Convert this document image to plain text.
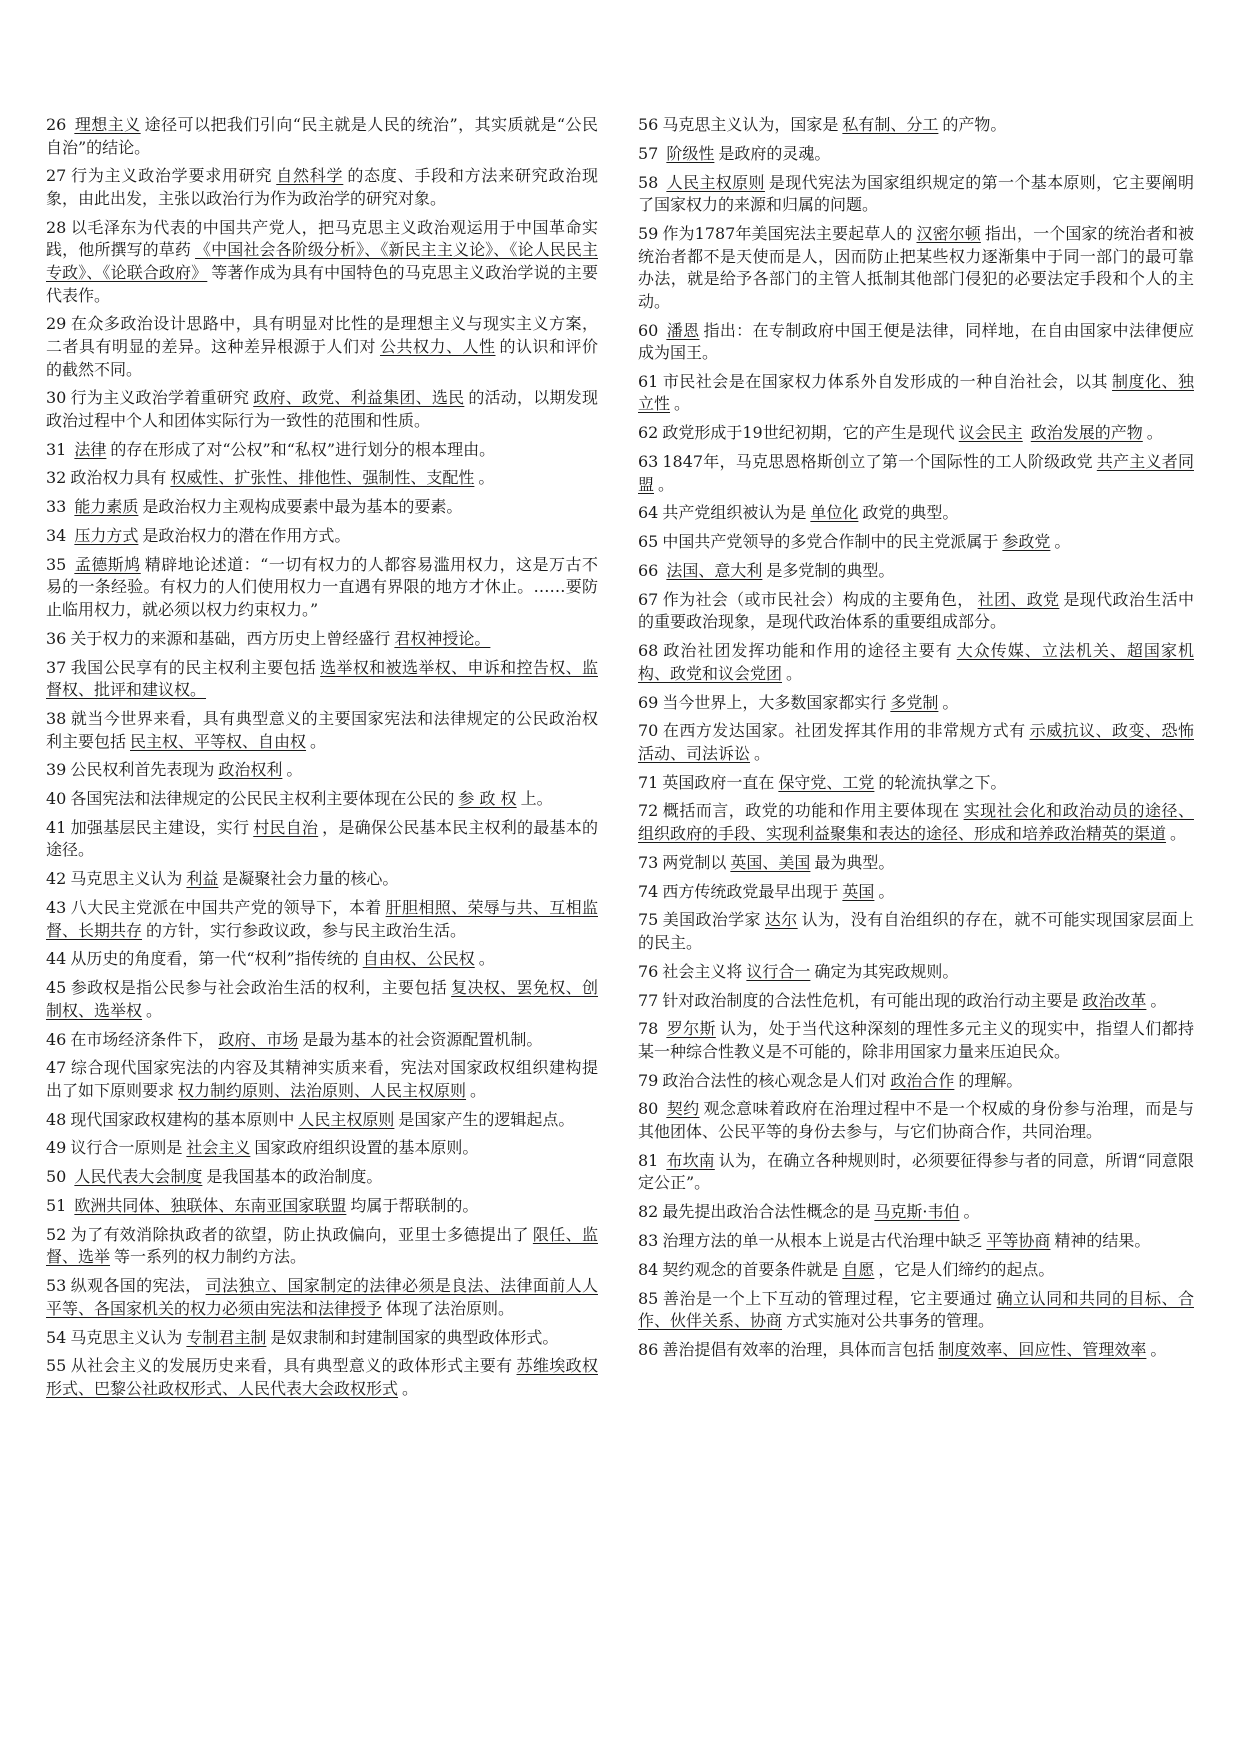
26 理想主义 途径可以把我们引向“民主就是人民的统治”，其实质就是“公民自治”的结论。

27 行为主义政治学要求用研究 自然科学 的态度、手段和方法来研究政治现象，由此出发，主张以政治行为作为政治学的研究对象。

28 以毛泽东为代表的中国共产党人，把马克思主义政治观运用于中国革命实践，他所撰写的草药 《中国社会各阶级分析》、《新民主主义论》、《论人民民主专政》、《论联合政府》 等著作成为具有中国特色的马克思主义政治学说的主要代表作。

29 在众多政治设计思路中，具有明显对比性的是理想主义与现实主义方案，二者具有明显的差异。这种差异根源于人们对 公共权力、人性 的认识和评价的截然不同。

30 行为主义政治学着重研究 政府、政党、利益集团、选民 的活动，以期发现政治过程中个人和团体实际行为一致性的范围和性质。

31 法律 的存在形成了对“公权”和“私权”进行划分的根本理由。

32 政治权力具有 权威性、扩张性、排他性、强制性、支配性 。

33 能力素质 是政治权力主观构成要素中最为基本的要素。

34 压力方式 是政治权力的潜在作用方式。

35 孟德斯鸠 精辟地论述道：“一切有权力的人都容易滥用权力，这是万古不易的一条经验。有权力的人们使用权力一直遇有界限的地方才休止。……要防止临用权力，就必须以权力约束权力。”

36 关于权力的来源和基础，西方历史上曾经盛行 君权神授论。

37 我国公民享有的民主权利主要包括 选举权和被选举权、申诉和控告权、监督权、批评和建议权。

38 就当今世界来看，具有典型意义的主要国家宪法和法律规定的公民政治权利主要包括 民主权、平等权、自由权 。

39 公民权利首先表现为 政治权利 。

40 各国宪法和法律规定的公民民主权利主要体现在公民的 参 政 权 上。

41 加强基层民主建设，实行 村民自治 ，是确保公民基本民主权利的最基本的途径。

42 马克思主义认为 利益 是凝聚社会力量的核心。

43 八大民主党派在中国共产党的领导下，本着 肝胆相照、荣辱与共、互相监督、长期共存 的方针，实行参政议政，参与民主政治生活。

44 从历史的角度看，第一代“权利”指传统的 自由权、公民权 。

45 参政权是指公民参与社会政治生活的权利，主要包括 复决权、罢免权、创制权、选举权 。

46 在市场经济条件下， 政府、市场 是最为基本的社会资源配置机制。

47 综合现代国家宪法的内容及其精神实质来看，宪法对国家政权组织建构提出了如下原则要求 权力制约原则、法治原则、人民主权原则 。

48 现代国家政权建构的基本原则中 人民主权原则 是国家产生的逻辑起点。

49 议行合一原则是 社会主义 国家政府组织设置的基本原则。

50 人民代表大会制度 是我国基本的政治制度。

51 欧洲共同体、独联体、东南亚国家联盟 均属于帮联制的。

52 为了有效消除执政者的欲望，防止执政偏向，亚里士多德提出了 限任、监督、选举 等一系列的权力制约方法。

53 纵观各国的宪法， 司法独立、国家制定的法律必须是良法、法律面前人人平等、各国家机关的权力必须由宪法和法律授予 体现了法治原则。

54 马克思主义认为 专制君主制 是奴隶制和封建制国家的典型政体形式。

55 从社会主义的发展历史来看，具有典型意义的政体形式主要有 苏维埃政权形式、巴黎公社政权形式、人民代表大会政权形式 。

56 马克思主义认为，国家是 私有制、分工 的产物。

57 阶级性 是政府的灵魂。

58 人民主权原则 是现代宪法为国家组织规定的第一个基本原则，它主要阐明了国家权力的来源和归属的问题。

59 作为1787年美国宪法主要起草人的 汉密尔顿 指出，一个国家的统治者和被统治者都不是天使而是人，因而防止把某些权力逐渐集中于同一部门的最可靠办法，就是给予各部门的主管人抵制其他部门侵犯的必要法定手段和个人的主动。

60 潘恩 指出：在专制政府中国王便是法律，同样地，在自由国家中法律便应成为国王。

61 市民社会是在国家权力体系外自发形成的一种自治社会，以其 制度化、独立性 。

62 政党形成于19世纪初期，它的产生是现代 议会民主 政治发展的产物 。

63 1847年，马克思恩格斯创立了第一个国际性的工人阶级政党 共产主义者同盟 。

64 共产党组织被认为是 单位化 政党的典型。

65 中国共产党领导的多党合作制中的民主党派属于 参政党 。

66 法国、意大利 是多党制的典型。

67 作为社会（或市民社会）构成的主要角色， 社团、政党 是现代政治生活中的重要政治现象，是现代政治体系的重要组成部分。

68 政治社团发挥功能和作用的途径主要有 大众传媒、立法机关、超国家机构、政党和议会党团 。

69 当今世界上，大多数国家都实行 多党制 。

70 在西方发达国家。社团发挥其作用的非常规方式有 示威抗议、政变、恐怖活动、司法诉讼 。

71 英国政府一直在 保守党、工党 的轮流执掌之下。

72 概括而言，政党的功能和作用主要体现在 实现社会化和政治动员的途径、组织政府的手段、实现利益聚集和表达的途径、形成和培养政治精英的渠道 。

73 两党制以 英国、美国 最为典型。

74 西方传统政党最早出现于 英国 。

75 美国政治学家 达尔 认为，没有自治组织的存在，就不可能实现国家层面上的民主。

76 社会主义将 议行合一 确定为其宪政规则。

77 针对政治制度的合法性危机，有可能出现的政治行动主要是 政治改革 。

78 罗尔斯 认为，处于当代这种深刻的理性多元主义的现实中，指望人们都持某一种综合性教义是不可能的，除非用国家力量来压迫民众。

79 政治合法性的核心观念是人们对 政治合作 的理解。

80 契约 观念意味着政府在治理过程中不是一个权威的身份参与治理，而是与其他团体、公民平等的身份去参与，与它们协商合作，共同治理。

81 布坎南 认为，在确立各种规则时，必须要征得参与者的同意，所谓“同意限定公正”。

82 最先提出政治合法性概念的是 马克斯·韦伯 。

83 治理方法的单一从根本上说是古代治理中缺乏 平等协商 精神的结果。

84 契约观念的首要条件就是 自愿 ，它是人们缔约的起点。

85 善治是一个上下互动的管理过程，它主要通过 确立认同和共同的目标、合作、伙伴关系、协商 方式实施对公共事务的管理。

86 善治提倡有效率的治理，具体而言包括 制度效率、回应性、管理效率 。
